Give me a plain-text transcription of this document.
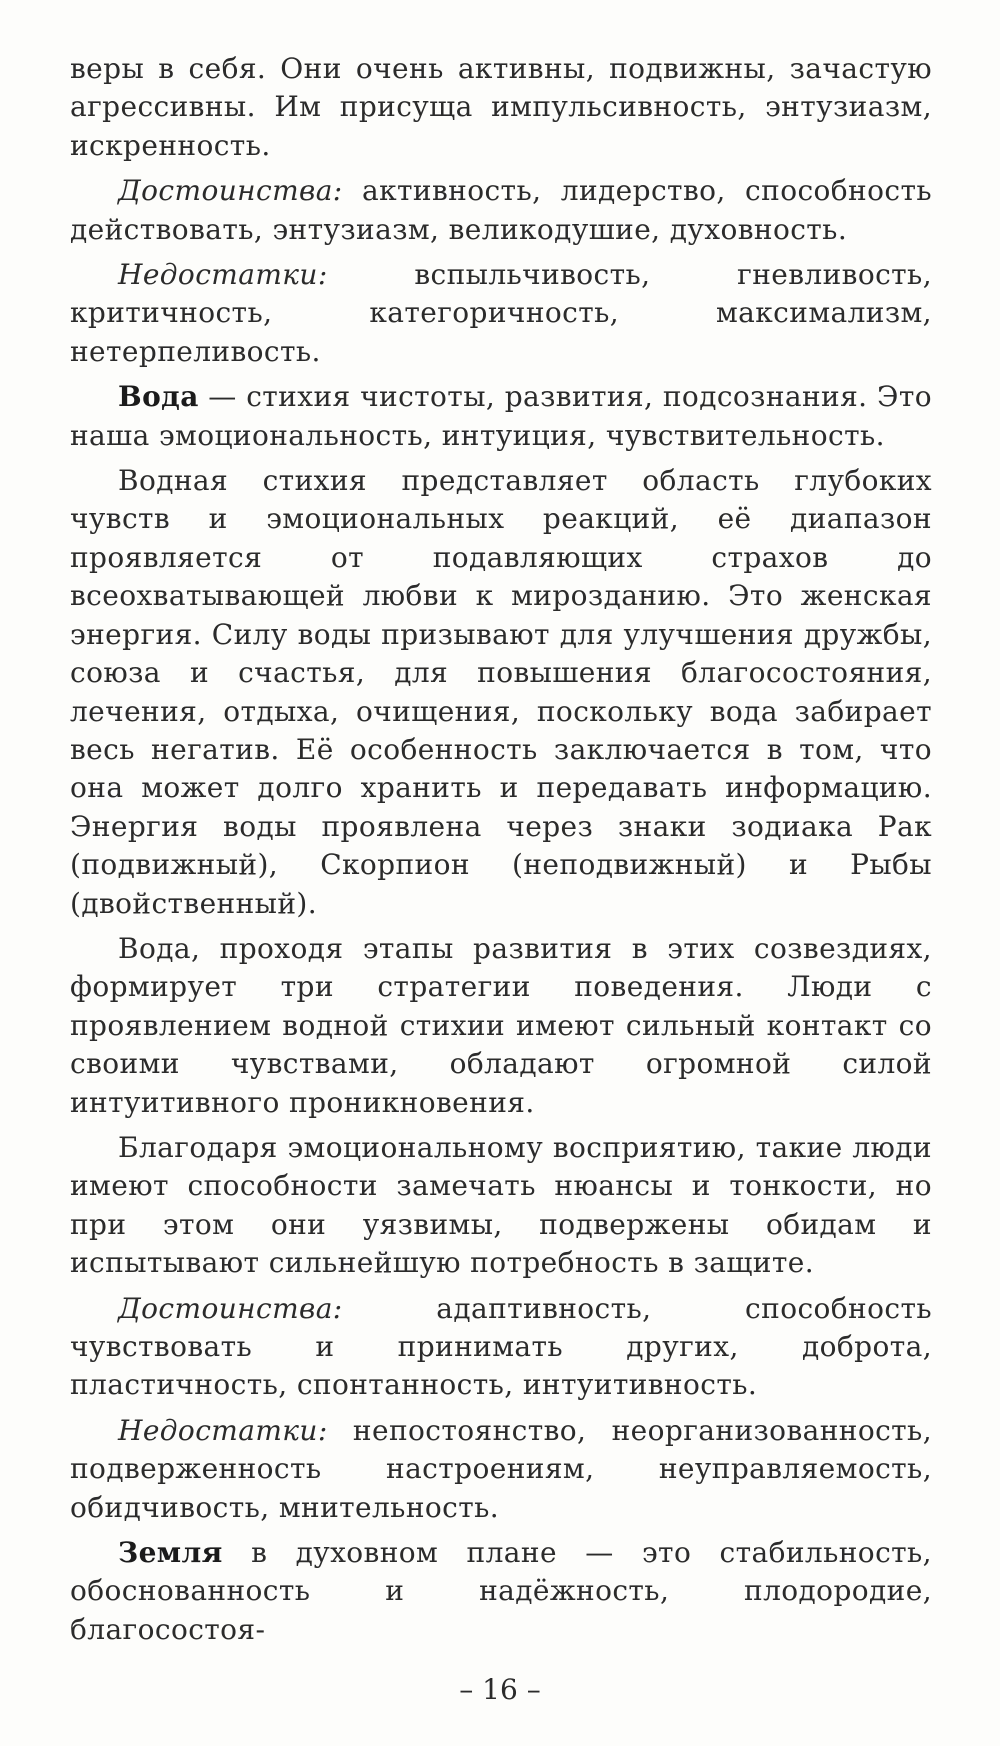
веры в себя. Они очень активны, подвижны, зачастую агрессивны. Им присуща импульсивность, энтузиазм, искренность.

Достоинства: активность, лидерство, способность действовать, энтузиазм, великодушие, духовность.

Недостатки: вспыльчивость, гневливость, критичность, категоричность, максимализм, нетерпеливость.

Вода — стихия чистоты, развития, подсознания. Это наша эмоциональность, интуиция, чувствительность.

Водная стихия представляет область глубоких чувств и эмоциональных реакций, её диапазон проявляется от подавляющих страхов до всеохватывающей любви к мирозданию. Это женская энергия. Силу воды призывают для улучшения дружбы, союза и счастья, для повышения благосостояния, лечения, отдыха, очищения, поскольку вода забирает весь негатив. Её особенность заключается в том, что она может долго хранить и передавать информацию. Энергия воды проявлена через знаки зодиака Рак (подвижный), Скорпион (неподвижный) и Рыбы (двойственный).

Вода, проходя этапы развития в этих созвездиях, формирует три стратегии поведения. Люди с проявлением водной стихии имеют сильный контакт со своими чувствами, обладают огромной силой интуитивного проникновения.

Благодаря эмоциональному восприятию, такие люди имеют способности замечать нюансы и тонкости, но при этом они уязвимы, подвержены обидам и испытывают сильнейшую потребность в защите.

Достоинства: адаптивность, способность чувствовать и принимать других, доброта, пластичность, спонтанность, интуитивность.

Недостатки: непостоянство, неорганизованность, подверженность настроениям, неуправляемость, обидчивость, мнительность.

Земля в духовном плане — это стабильность, обоснованность и надёжность, плодородие, благосостоя-

– 16 –
